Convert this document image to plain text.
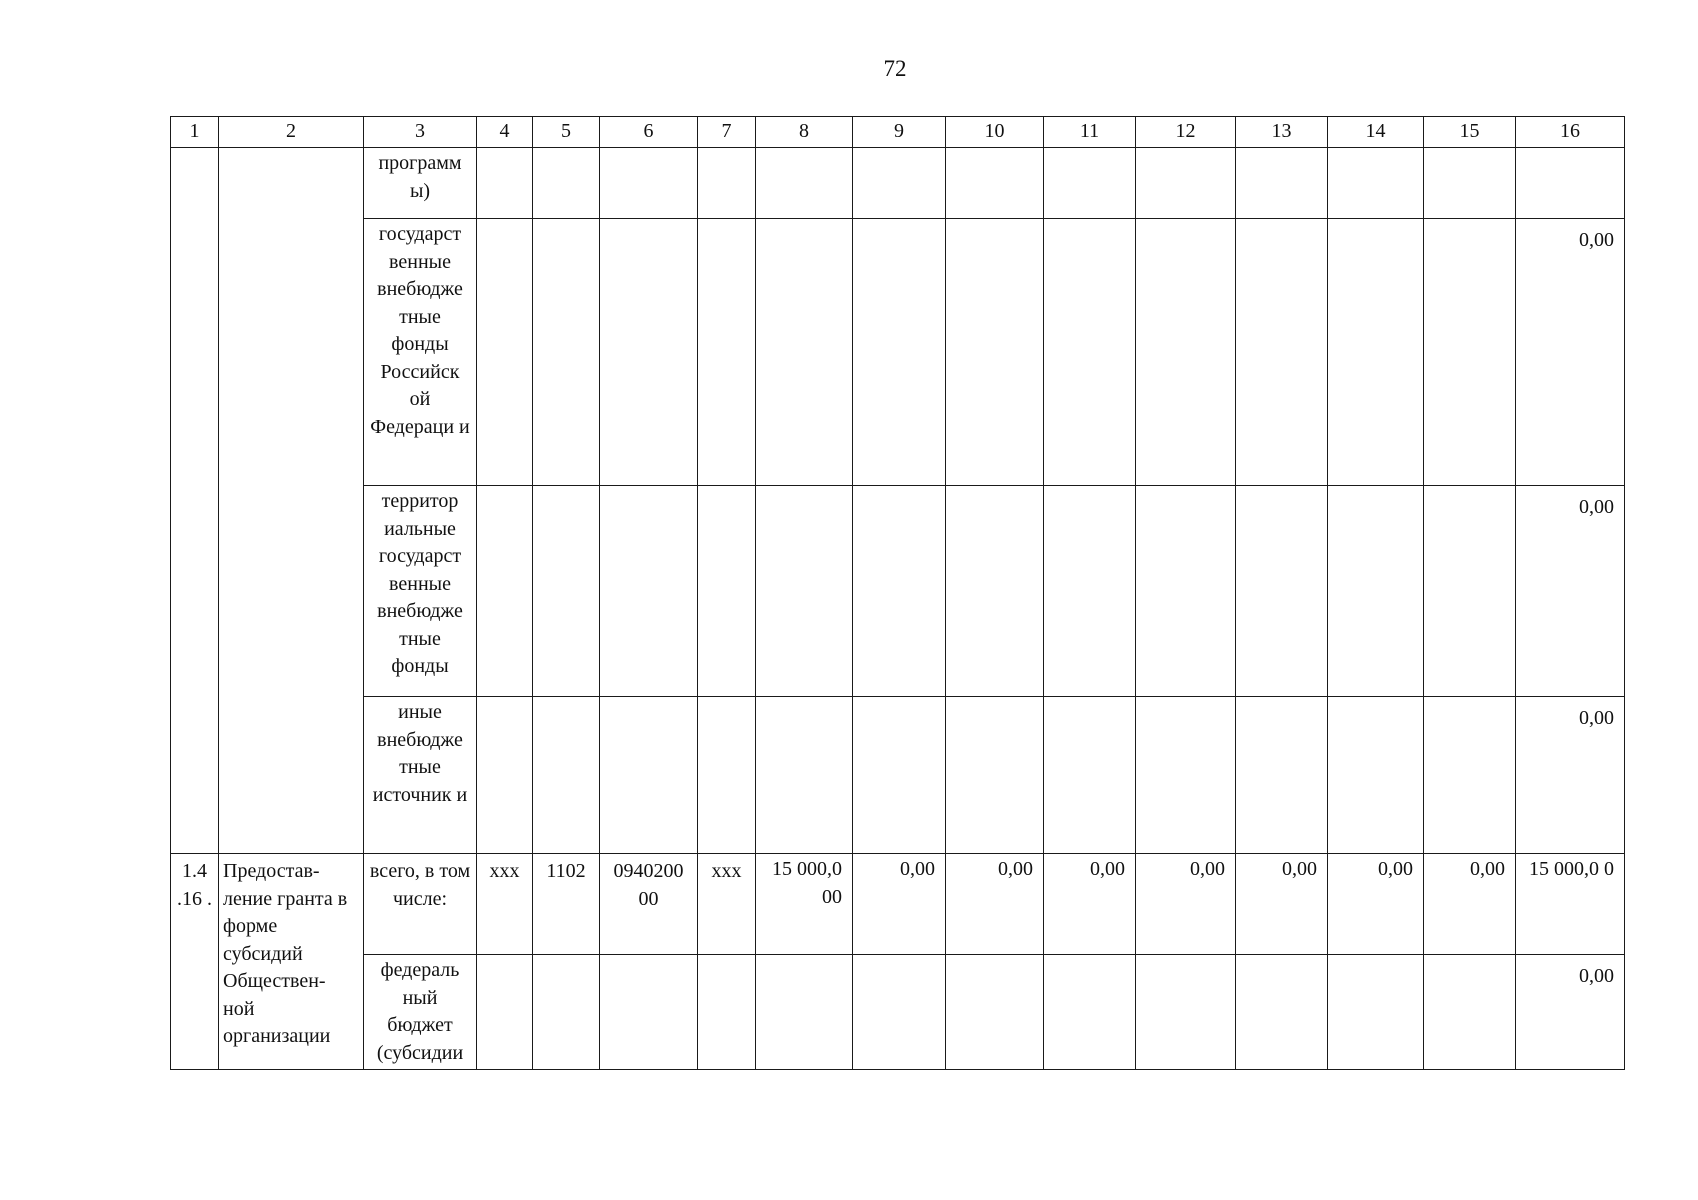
72
1	2	3	4	5	6	7	8	9	10	11	12	13	14	15	16
		программ ы)													
		государст венные внебюдже тные фонды Российск ой Федераци и													0,00
		территор иальные государст венные внебюдже тные фонды													0,00
		иные внебюдже тные источник и													0,00
1.4 .16 .	Предостав- ление гранта в форме субсидий Обществен- ной организации	всего, в том числе:	xxx	1102	0940200 00	xxx	15 000,0 00	0,00	0,00	0,00	0,00	0,00	0,00	0,00	15 000,0 0
		федераль ный бюджет (субсидии													0,00
